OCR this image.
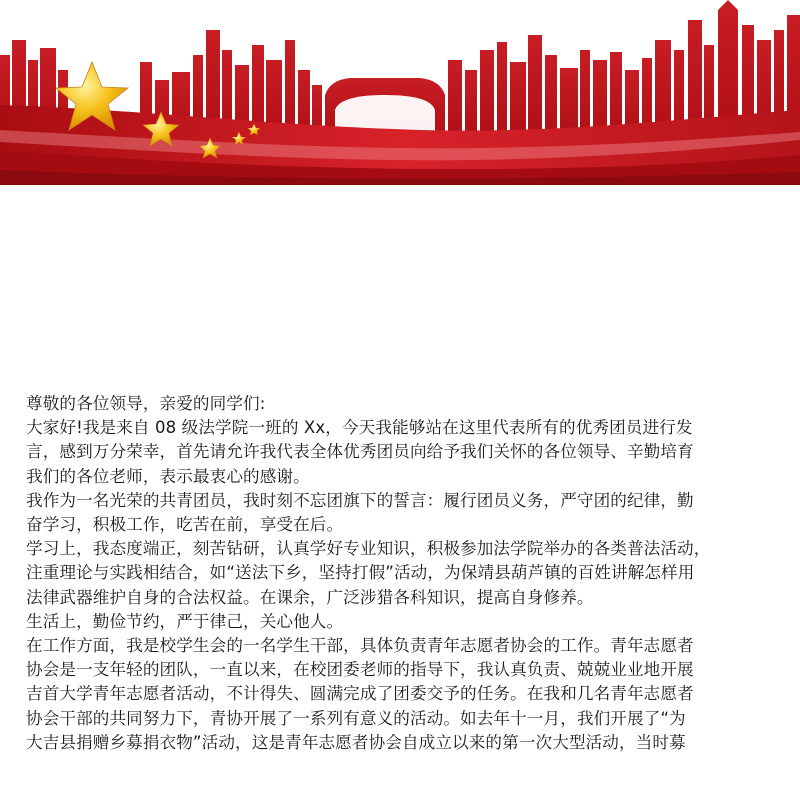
尊敬的各位领导，亲爱的同学们:

大家好!我是来自 08 级法学院一班的 Xx，今天我能够站在这里代表所有的优秀团员进行发

言，感到万分荣幸，首先请允许我代表全体优秀团员向给予我们关怀的各位领导、辛勤培育

我们的各位老师，表示最衷心的感谢。

我作为一名光荣的共青团员，我时刻不忘团旗下的誓言：履行团员义务，严守团的纪律，勤

奋学习，积极工作，吃苦在前，享受在后。

学习上，我态度端正，刻苦钻研，认真学好专业知识，积极参加法学院举办的各类普法活动，

注重理论与实践相结合，如“送法下乡，坚持打假”活动，为保靖县葫芦镇的百姓讲解怎样用

法律武器维护自身的合法权益。在课余，广泛涉猎各科知识，提高自身修养。

生活上，勤俭节约，严于律己，关心他人。

在工作方面，我是校学生会的一名学生干部，具体负责青年志愿者协会的工作。青年志愿者

协会是一支年轻的团队，一直以来，在校团委老师的指导下，我认真负责、兢兢业业地开展

吉首大学青年志愿者活动，不计得失、圆满完成了团委交予的任务。在我和几名青年志愿者

协会干部的共同努力下，青协开展了一系列有意义的活动。如去年十一月，我们开展了“为

大吉县捐赠乡募捐衣物”活动，这是青年志愿者协会自成立以来的第一次大型活动，当时募
